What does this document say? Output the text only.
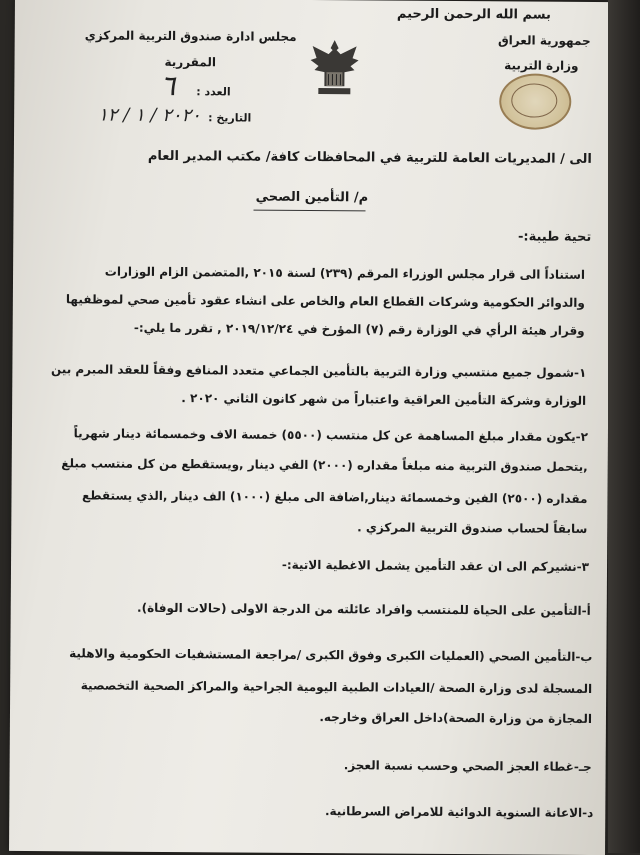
بسم الله الرحمن الرحيم
جمهورية العراق
وزارة التربية
مجلس ادارة صندوق التربية المركزي
المقررية
العدد :
٦
التاريخ :
٢٠٢٠ / ١ / ١٢
الى / المديريات العامة للتربية في المحافظات كافة/ مكتب المدير العام
م/ التأمين الصحي
تحية طيبة:-
استناداً الى قرار مجلس الوزراء المرقم (٢٣٩) لسنة ٢٠١٥ ,المتضمن الزام الوزارات
والدوائر الحكومية وشركات القطاع العام والخاص على انشاء عقود تأمين صحي لموظفيها
وقرار هيئة الرأي في الوزارة رقم (٧) المؤرخ في ٢٠١٩/١٢/٢٤ , تقرر ما يلي:-
١-شمول جميع منتسبي وزارة التربية بالتأمين الجماعي متعدد المنافع وفقاً للعقد المبرم بين
الوزارة وشركة التأمين العراقية واعتباراً من شهر كانون الثاني ٢٠٢٠ .
٢-يكون مقدار مبلغ المساهمة عن كل منتسب (٥٥٠٠) خمسة الاف وخمسمائة دينار شهرياً
,يتحمل صندوق التربية منه مبلغاً مقداره (٢٠٠٠) الفي دينار ,ويستقطع من كل منتسب مبلغ
مقداره (٢٥٠٠) الفين وخمسمائة دينار,اضافة الى مبلغ (١٠٠٠) الف دينار ,الذي يستقطع
سابقاً لحساب صندوق التربية المركزي .
٣-نشيركم الى ان عقد التأمين يشمل الاغطية الاتية:-
أ-التأمين على الحياة للمنتسب وافراد عائلته من الدرجة الاولى (حالات الوفاة).
ب-التأمين الصحي (العمليات الكبرى وفوق الكبرى /مراجعة المستشفيات الحكومية والاهلية
المسجلة لدى وزارة الصحة /العيادات الطبية اليومية الجراحية والمراكز الصحية التخصصية
المجازة من وزارة الصحة)داخل العراق وخارجه.
جـ-غطاء العجز الصحي وحسب نسبة العجز.
د-الاعانة السنوية الدوائية للامراض السرطانية.
